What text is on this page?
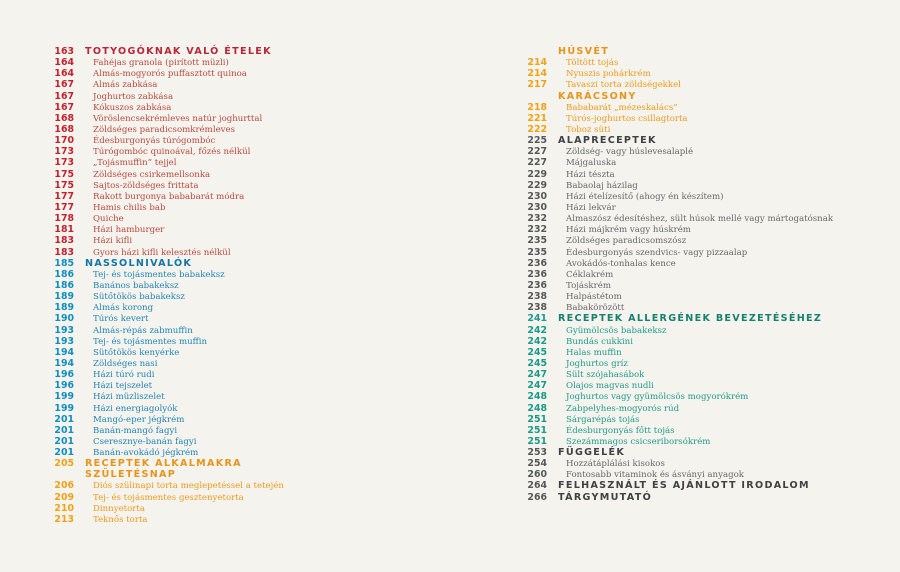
163 TOTYOGÓKNAK VALÓ ÉTELEK
164 Fahéjas granola (pirított müzli)
164 Almás-mogyorós puffasztott quinoa
167 Almás zabkása
167 Joghurtos zabkása
167 Kókuszos zabkása
168 Vöröslencsekrémleves natúr joghurttal
168 Zöldséges paradicsomkrémleves
170 Édesburgonyás túrógombóc
173 Túrógombóc quinoával, főzés nélkül
173 „Tojásmuffin” tejjel
175 Zöldséges csirkemellsonka
175 Sajtos-zöldséges frittata
177 Rakott burgonya bababarát módra
177 Hamis chilis bab
178 Quiche
181 Házi hamburger
183 Házi kifli
183 Gyors házi kifli kelesztés nélkül
185 NASSOLNIVALÓK
186 Tej- és tojásmentes babakeksz
186 Banános babakeksz
189 Sütőtökös babakeksz
189 Almás korong
190 Túrós kevert
193 Almás-répás zabmuffin
193 Tej- és tojásmentes muffin
194 Sütőtökös kenyérke
194 Zöldséges nasi
196 Házi túró rudi
196 Házi tejszelet
199 Házi müzliszelet
199 Házi energiagolyók
201 Mangó-eper jégkrém
201 Banán-mangó fagyi
201 Cseresznye-banán fagyi
201 Banán-avokádó jégkrém
205 RECEPTEK ALKALMAKRA
SZÜLETÉSNAP
206 Diós szülinapi torta meglepetéssel a tetején
209 Tej- és tojásmentes gesztenyetorta
210 Dinnyetorta
213 Teknős torta
HÚSVÉT
214 Töltött tojás
214 Nyuszis pohárkrém
217 Tavaszi torta zöldségekkel
KARÁCSONY
218 Bababarát „mézeskalács”
221 Túrós-joghurtos csillagtorta
222 Toboz süti
225 ALAPRECEPTEK
227 Zöldség- vagy húslevesalaplé
227 Májgaluska
229 Házi tészta
229 Babaolaj házilag
230 Házi ételízesítő (ahogy én készítem)
230 Házi lekvár
232 Almaszósz édesítéshez, sült húsok mellé vagy mártogatósnak
232 Házi májkrém vagy húskrém
235 Zöldséges paradicsomszósz
235 Édesburgonyás szendvics- vagy pizzaalap
236 Avokádós-tonhalas kence
236 Céklakrém
236 Tojáskrém
238 Halpástétom
238 Babakörözött
241 RECEPTEK ALLERGÉNEK BEVEZETÉSÉHEZ
242 Gyümölcsös babakeksz
242 Bundás cukkini
245 Halas muffin
245 Joghurtos gríz
247 Sült szójahasábok
247 Olajos magvas nudli
248 Joghurtos vagy gyümölcsös mogyorókrém
248 Zabpelyhes-mogyorós rúd
251 Sárgarépás tojás
251 Édesburgonyás főtt tojás
251 Szezámmagos csicseriborsókrém
253 FÜGGELÉK
254 Hozzátáplálási kisokos
260 Fontosabb vitaminok és ásványi anyagok
264 FELHASZNÁLT ÉS AJÁNLOTT IRODALOM
266 TÁRGYMUTATÓ
